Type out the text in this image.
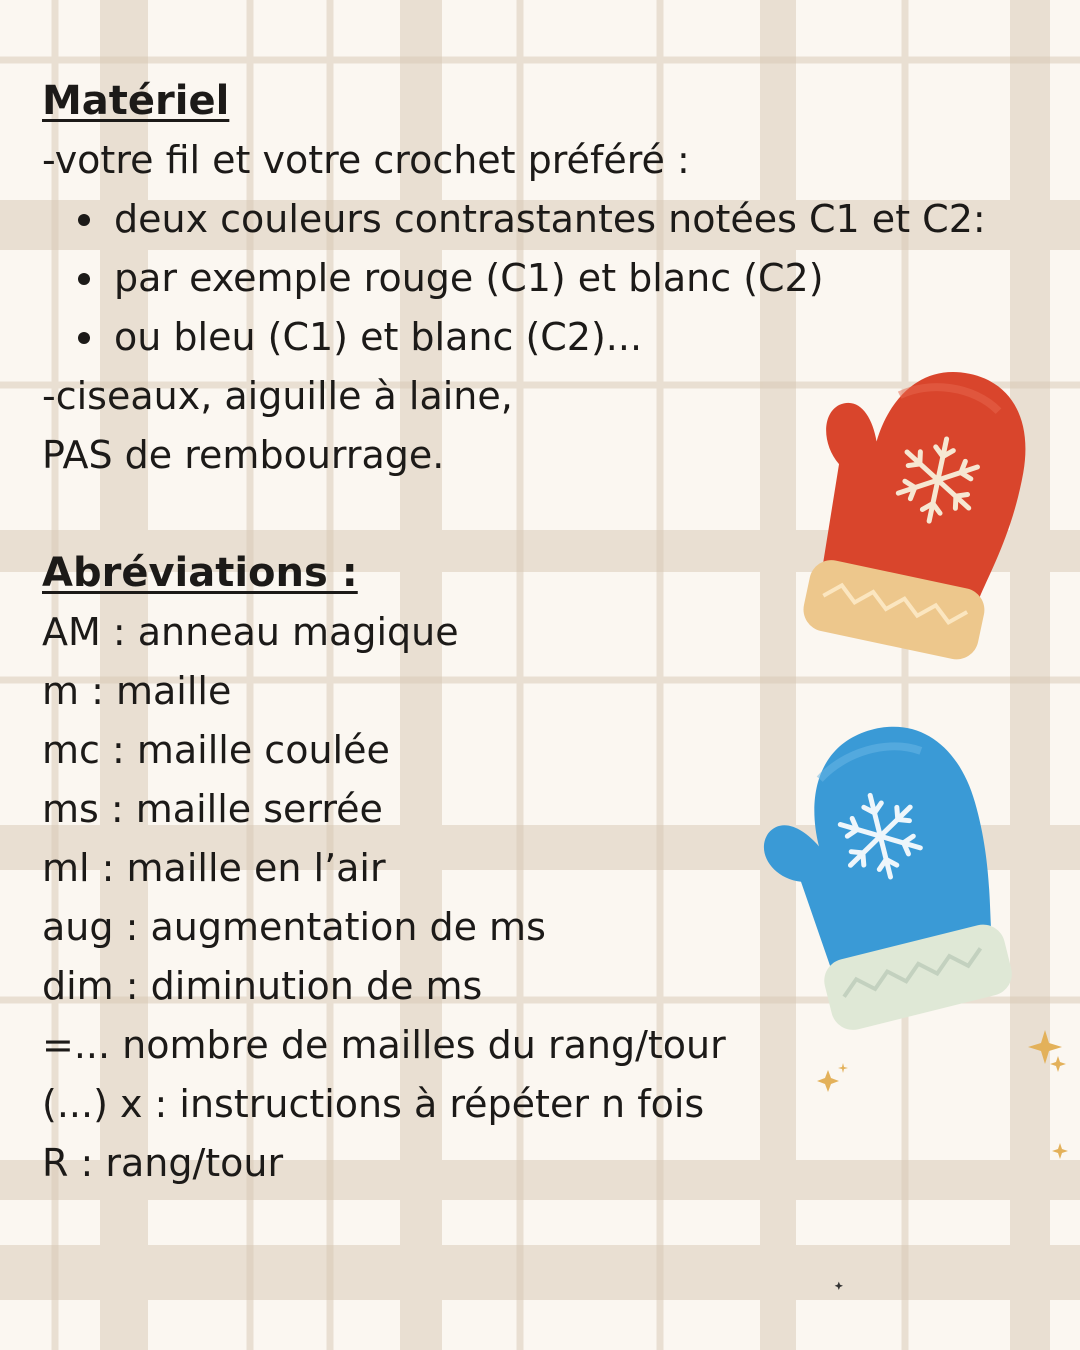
Matériel
-votre fil et votre crochet préféré :
deux couleurs contrastantes notées C1 et C2:
par exemple rouge (C1) et blanc (C2)
ou bleu (C1) et blanc (C2)...
-ciseaux, aiguille à laine,
PAS de rembourrage.
Abréviations :
AM : anneau magique
m : maille
mc : maille coulée
ms : maille serrée
ml : maille en l’air
aug : augmentation de ms
dim : diminution de ms
=... nombre de mailles du rang/tour
(...) x : instructions à répéter n fois
R : rang/tour
